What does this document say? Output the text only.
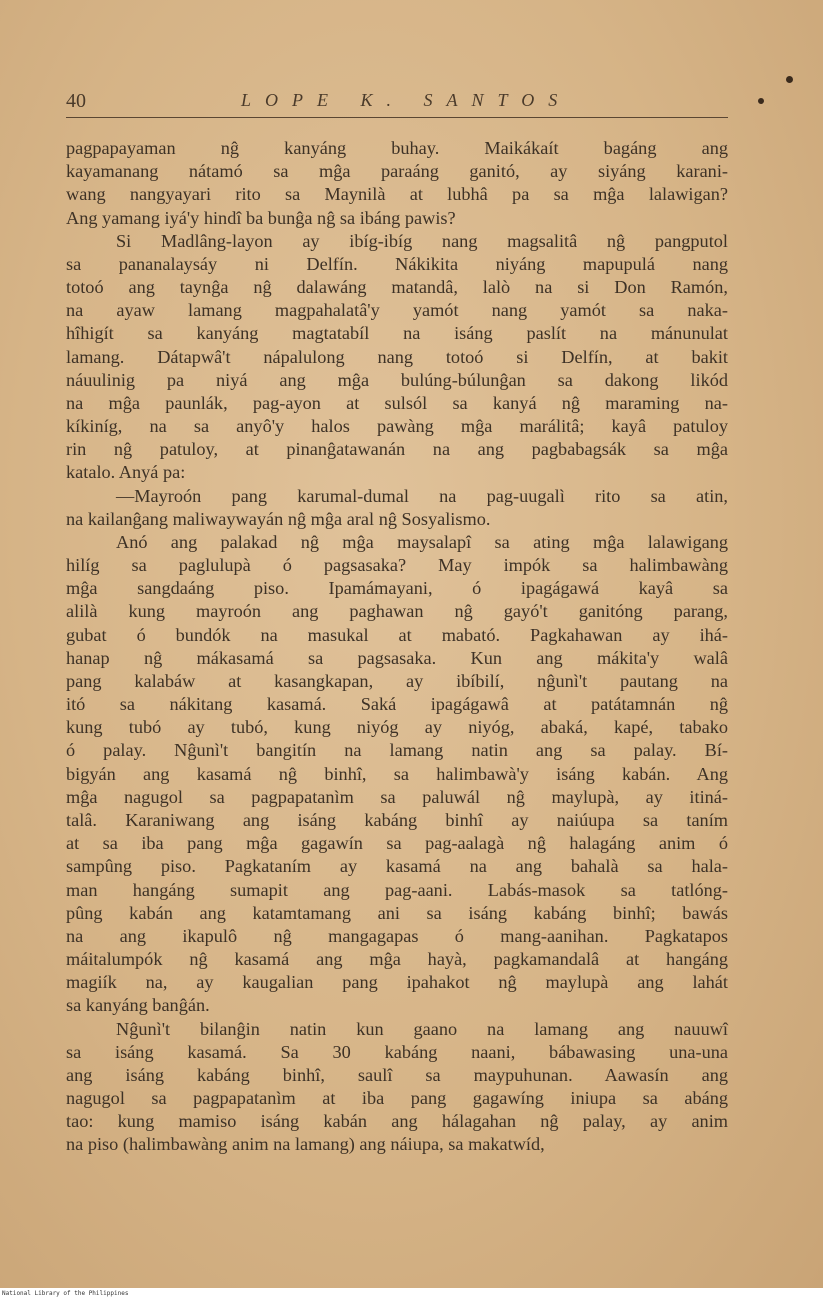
40	LOPE K. SANTOS
pagpapayaman nĝ kanyáng buhay. Maikákaít bagáng ang
kayamanang nátamó sa mĝa paraáng ganitó, ay siyáng karani-
wang nangyayari rito sa Maynilà at lubhâ pa sa mĝa lalawigan?
Ang yamang iyá'y hindî ba bunĝa nĝ sa ibáng pawis?
Si Madlâng-layon ay ibíg-ibíg nang magsalitâ nĝ pangputol
sa pananalaysáy ni Delfín. Nákikita niyáng mapupulá nang
totoó ang taynĝa nĝ dalawáng matandâ, lalò na si Don Ramón,
na ayaw lamang magpahalatâ'y yamót nang yamót sa naka-
hîhigít sa kanyáng magtatabíl na isáng paslít na mánunulat
lamang. Dátapwâ't nápalulong nang totoó si Delfín, at bakit
náuulinig pa niyá ang mĝa bulúng-búlunĝan sa dakong likód
na mĝa paunlák, pag-ayon at sulsól sa kanyá nĝ maraming na-
kíkiníg, na sa anyô'y halos pawàng mĝa marálitâ; kayâ patuloy
rin nĝ patuloy, at pinanĝatawanán na ang pagbabagsák sa mĝa
katalo. Anyá pa:
—Mayroón pang karumal-dumal na pag-uugalì rito sa atin,
na kailanĝang maliwaywayán nĝ mĝa aral nĝ Sosyalismo.
Anó ang palakad nĝ mĝa maysalapî sa ating mĝa lalawigang
hilíg sa paglulupà ó pagsasaka? May impók sa halimbawàng
mĝa sangdaáng piso. Ipamámayani, ó ipagágawá kayâ sa
alilà kung mayroón ang paghawan nĝ gayó't ganitóng parang,
gubat ó bundók na masukal at mabató. Pagkahawan ay ihá-
hanap nĝ mákasamá sa pagsasaka. Kun ang mákita'y walâ
pang kalabáw at kasangkapan, ay ibíbilí, nĝunì't pautang na
itó sa nákitang kasamá. Saká ipagágawâ at patátamnán nĝ
kung tubó ay tubó, kung niyóg ay niyóg, abaká, kapé, tabako
ó palay. Nĝunì't bangitín na lamang natin ang sa palay. Bí-
bigyán ang kasamá nĝ binhî, sa halimbawà'y isáng kabán. Ang
mĝa nagugol sa pagpapatanìm sa paluwál nĝ maylupà, ay itiná-
talâ. Karaniwang ang isáng kabáng binhî ay naiúupa sa taním
at sa iba pang mĝa gagawín sa pag-aalagà nĝ halagáng anim ó
sampûng piso. Pagkataním ay kasamá na ang bahalà sa hala-
man hangáng sumapit ang pag-aani. Labás-masok sa tatlóng-
pûng kabán ang katamtamang ani sa isáng kabáng binhî; bawás
na ang ikapulô nĝ mangagapas ó mang-aanihan. Pagkatapos
máitalumpók nĝ kasamá ang mĝa hayà, pagkamandalâ at hangáng
magiík na, ay kaugalian pang ipahakot nĝ maylupà ang lahát
sa kanyáng banĝán.
Nĝunì't bilanĝin natin kun gaano na lamang ang nauuwî
sa isáng kasamá. Sa 30 kabáng naani, bábawasing una-una
ang isáng kabáng binhî, saulî sa maypuhunan. Aawasín ang
nagugol sa pagpapatanìm at iba pang gagawíng iniupa sa abáng
tao: kung mamiso isáng kabán ang hálagahan nĝ palay, ay anim
na piso (halimbawàng anim na lamang) ang náiupa, sa makatwíd,
National Library of the Philippines
